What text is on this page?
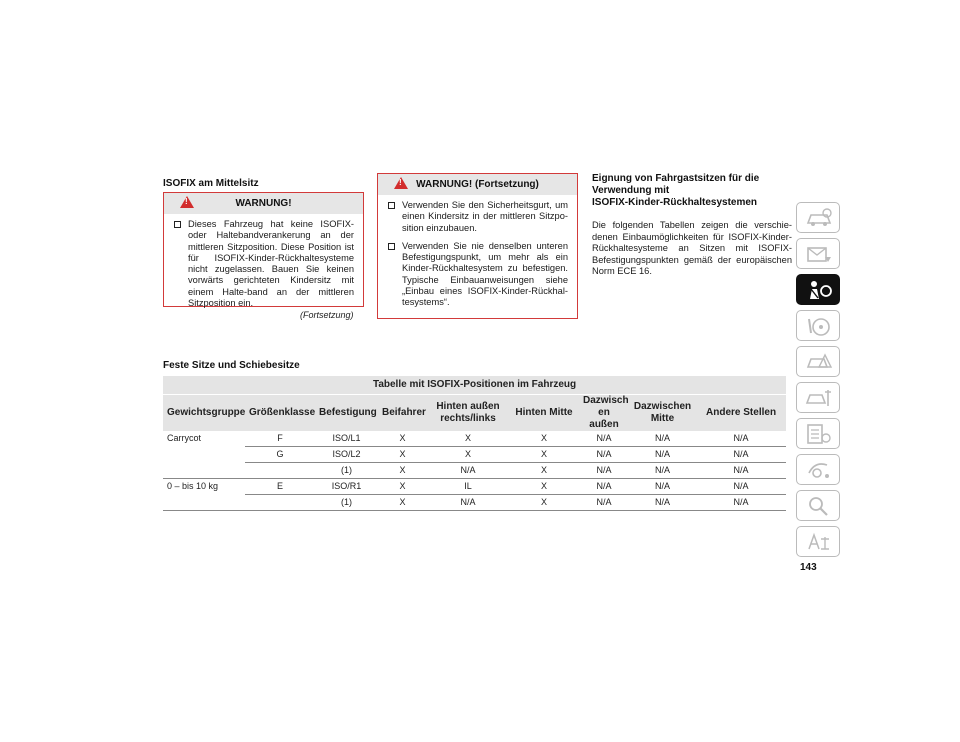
ISOFIX am Mittelsitz
!
WARNUNG!
Dieses Fahrzeug hat keine ISOFIX- oder Haltebandverankerung an der mittleren Sitzposition. Diese Position ist für ISOFIX-Kinder-Rückhaltesysteme nicht zugelassen. Bauen Sie keinen vorwärts gerichteten Kindersitz mit einem Halte-band an der mittleren Sitzposition ein.
(Fortsetzung)
!
WARNUNG! (Fortsetzung)
Verwenden Sie den Sicherheitsgurt, um einen Kindersitz in der mittleren Sitzpo-sition einzubauen.
Verwenden Sie nie denselben unteren Befestigungspunkt, um mehr als ein Kinder-Rückhaltesystem zu befestigen. Typische Einbauanweisungen siehe „Einbau eines ISOFIX-Kinder-Rückhal-tesystems“.
Eignung von Fahrgastsitzen für die
Verwendung mit
ISOFIX-Kinder-Rückhaltesystemen
Die folgenden Tabellen zeigen die verschie-denen Einbaumöglichkeiten für ISOFIX-Kinder-Rückhaltesysteme an Sitzen mit ISOFIX-Befestigungspunkten gemäß der europäischen Norm ECE 16.
Feste Sitze und Schiebesitze
Tabelle mit ISOFIX-Positionen im Fahrzeug								
Gewichtsgruppe	Größenklasse	Befestigung	Beifahrer	Hinten außen rechts/links	Hinten Mitte	Dazwisch en außen	Dazwischen Mitte	Andere Stellen
Carrycot	F	ISO/L1	X	X	X	N/A	N/A	N/A
	G	ISO/L2	X	X	X	N/A	N/A	N/A
		(1)	X	N/A	X	N/A	N/A	N/A
0 – bis 10 kg	E	ISO/R1	X	IL	X	N/A	N/A	N/A
		(1)	X	N/A	X	N/A	N/A	N/A
143
